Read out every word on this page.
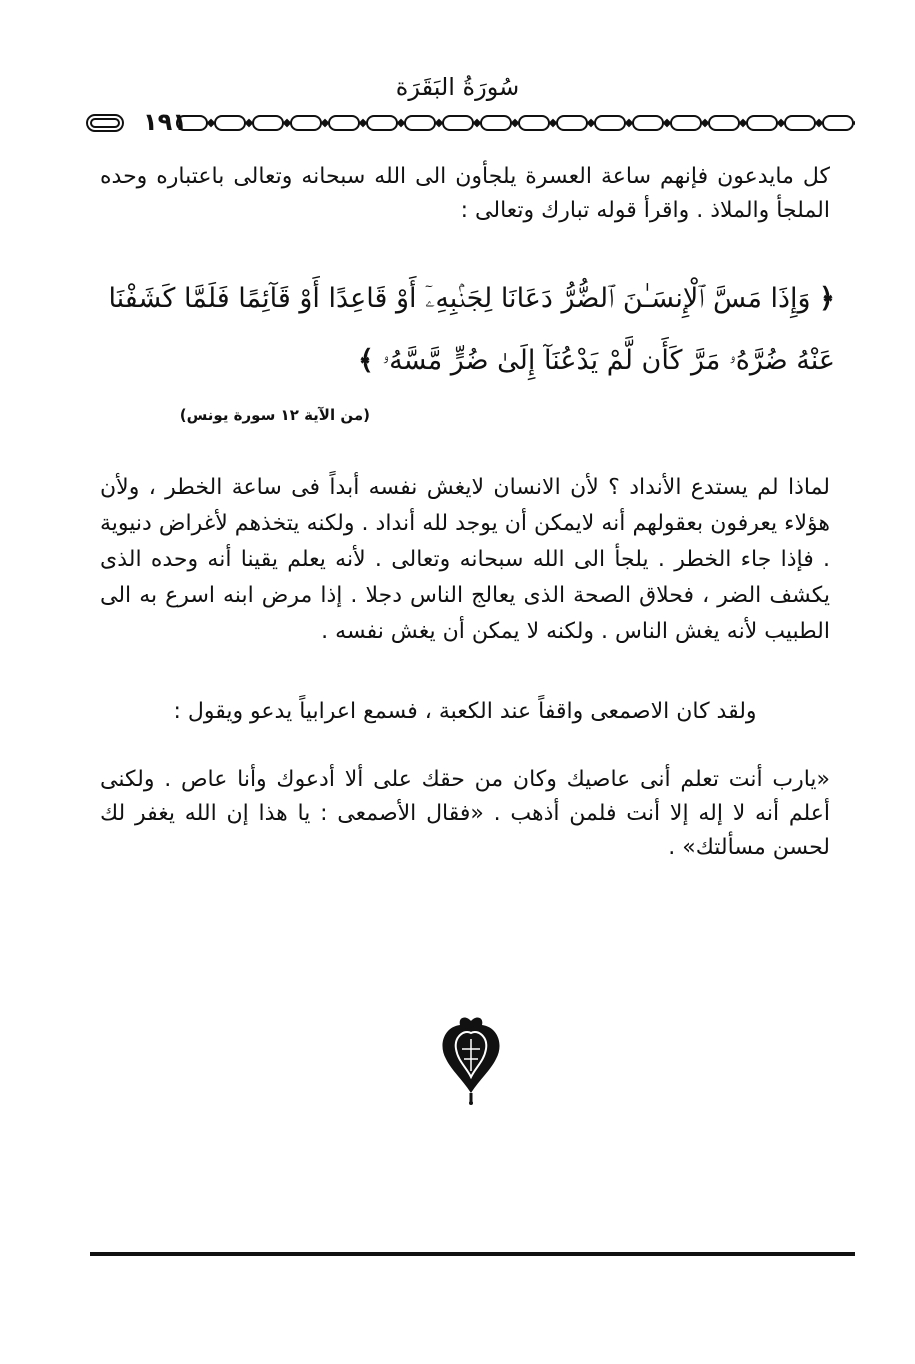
سُورَةُ البَقَرَة
١٩١
كل مايدعون فإنهم ساعة العسرة يلجأون الى الله سبحانه وتعالى باعتباره وحده الملجأ والملاذ . واقرأ قوله تبارك وتعالى :
﴿ وَإِذَا مَسَّ ٱلْإِنسَـٰنَ ٱلضُّرُّ دَعَانَا لِجَنۢبِهِۦٓ أَوْ قَاعِدًا أَوْ قَآئِمًا فَلَمَّا كَشَفْنَا عَنْهُ ضُرَّهُۥ مَرَّ كَأَن لَّمْ يَدْعُنَآ إِلَىٰ ضُرٍّ مَّسَّهُۥ ﴾
(من الآية ١٢ سورة يونس)
لماذا لم يستدع الأنداد ؟ لأن الانسان لايغش نفسه أبداً فى ساعة الخطر ، ولأن هؤلاء يعرفون بعقولهم أنه لايمكن أن يوجد لله أنداد . ولكنه يتخذهم لأغراض دنيوية . فإذا جاء الخطر . يلجأ الى الله سبحانه وتعالى . لأنه يعلم يقينا أنه وحده الذى يكشف الضر ، فحلاق الصحة الذى يعالج الناس دجلا . إذا مرض ابنه اسرع به الى الطبيب لأنه يغش الناس . ولكنه لا يمكن أن يغش نفسه .
ولقد كان الاصمعى واقفاً عند الكعبة ، فسمع اعرابياً يدعو ويقول :
«يارب أنت تعلم أنى عاصيك وكان من حقك على ألا أدعوك وأنا عاص . ولكنى أعلم أنه لا إله إلا أنت فلمن أذهب . «فقال الأصمعى : يا هذا إن الله يغفر لك لحسن مسألتك» .
